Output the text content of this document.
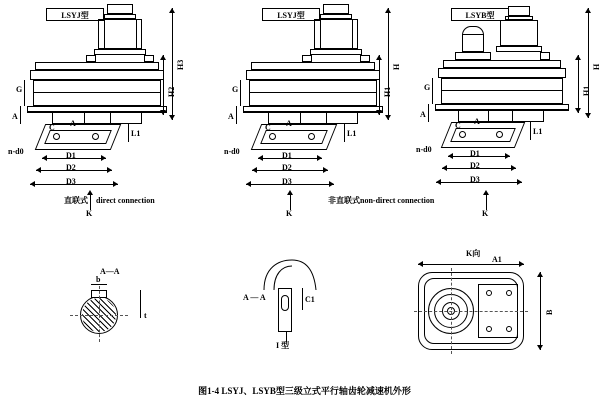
LSYJ型
H3
H2
G
A
C A
L1
n-d0	D1
D2
D3
K
直联式 direct connection
LSYJ型
H
H1
G
A
C A
L1
n-d0	D1
D2
D3
K
非直联式 non-direct connection
LSYB型
H
H1
G
A
C A
L1
n-d0	D1
D2
D3
K
A—A
b
t
A — A	C1
I 型
K向
A1
B
图1-4 LSYJ、LSYB型三级立式平行轴齿轮减速机外形
